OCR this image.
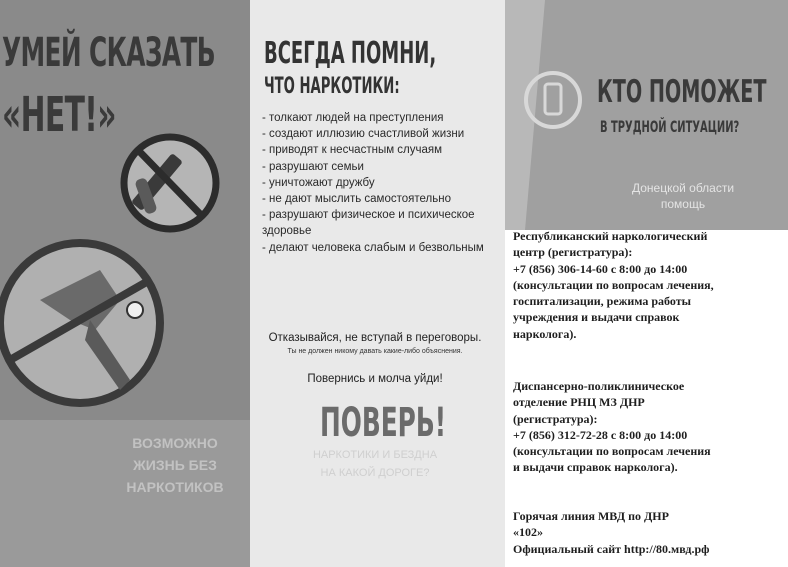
УМЕЙ СКАЗАТЬ
«НЕТ!»
ВОЗМОЖНО
ЖИЗНЬ БЕЗ
НАРКОТИКОВ
ВСЕГДА ПОМНИ,
ЧТО НАРКОТИКИ:
- толкают людей на преступления
- создают иллюзию счастливой жизни
- приводят к несчастным случаям
- разрушают семьи
- уничтожают дружбу
- не дают мыслить самостоятельно
- разрушают физическое и психическое здоровье
- делают человека слабым и безвольным
Отказывайся, не вступай в переговоры.
Ты не должен никому давать какие-либо объяснения.
Повернись и молча уйди!
ПОВЕРЬ!
НАРКОТИКИ И БЕЗДНА
НА КАКОЙ ДОРОГЕ?
КТО ПОМОЖЕТ
В ТРУДНОЙ СИТУАЦИИ?
Донецкой области
помощь
Республиканский наркологический
центр (регистратура):
+7 (856) 306-14-60 с 8:00 до 14:00
(консультации по вопросам лечения,
госпитализации, режима работы
учреждения и выдачи справок
нарколога).
Диспансерно-поликлиническое
отделение РНЦ МЗ ДНР
(регистратура):
+7 (856) 312-72-28 с 8:00 до 14:00
(консультации по вопросам лечения
и выдачи справок нарколога).
Горячая линия МВД по ДНР
«102»
Официальный сайт http://80.мвд.рф
